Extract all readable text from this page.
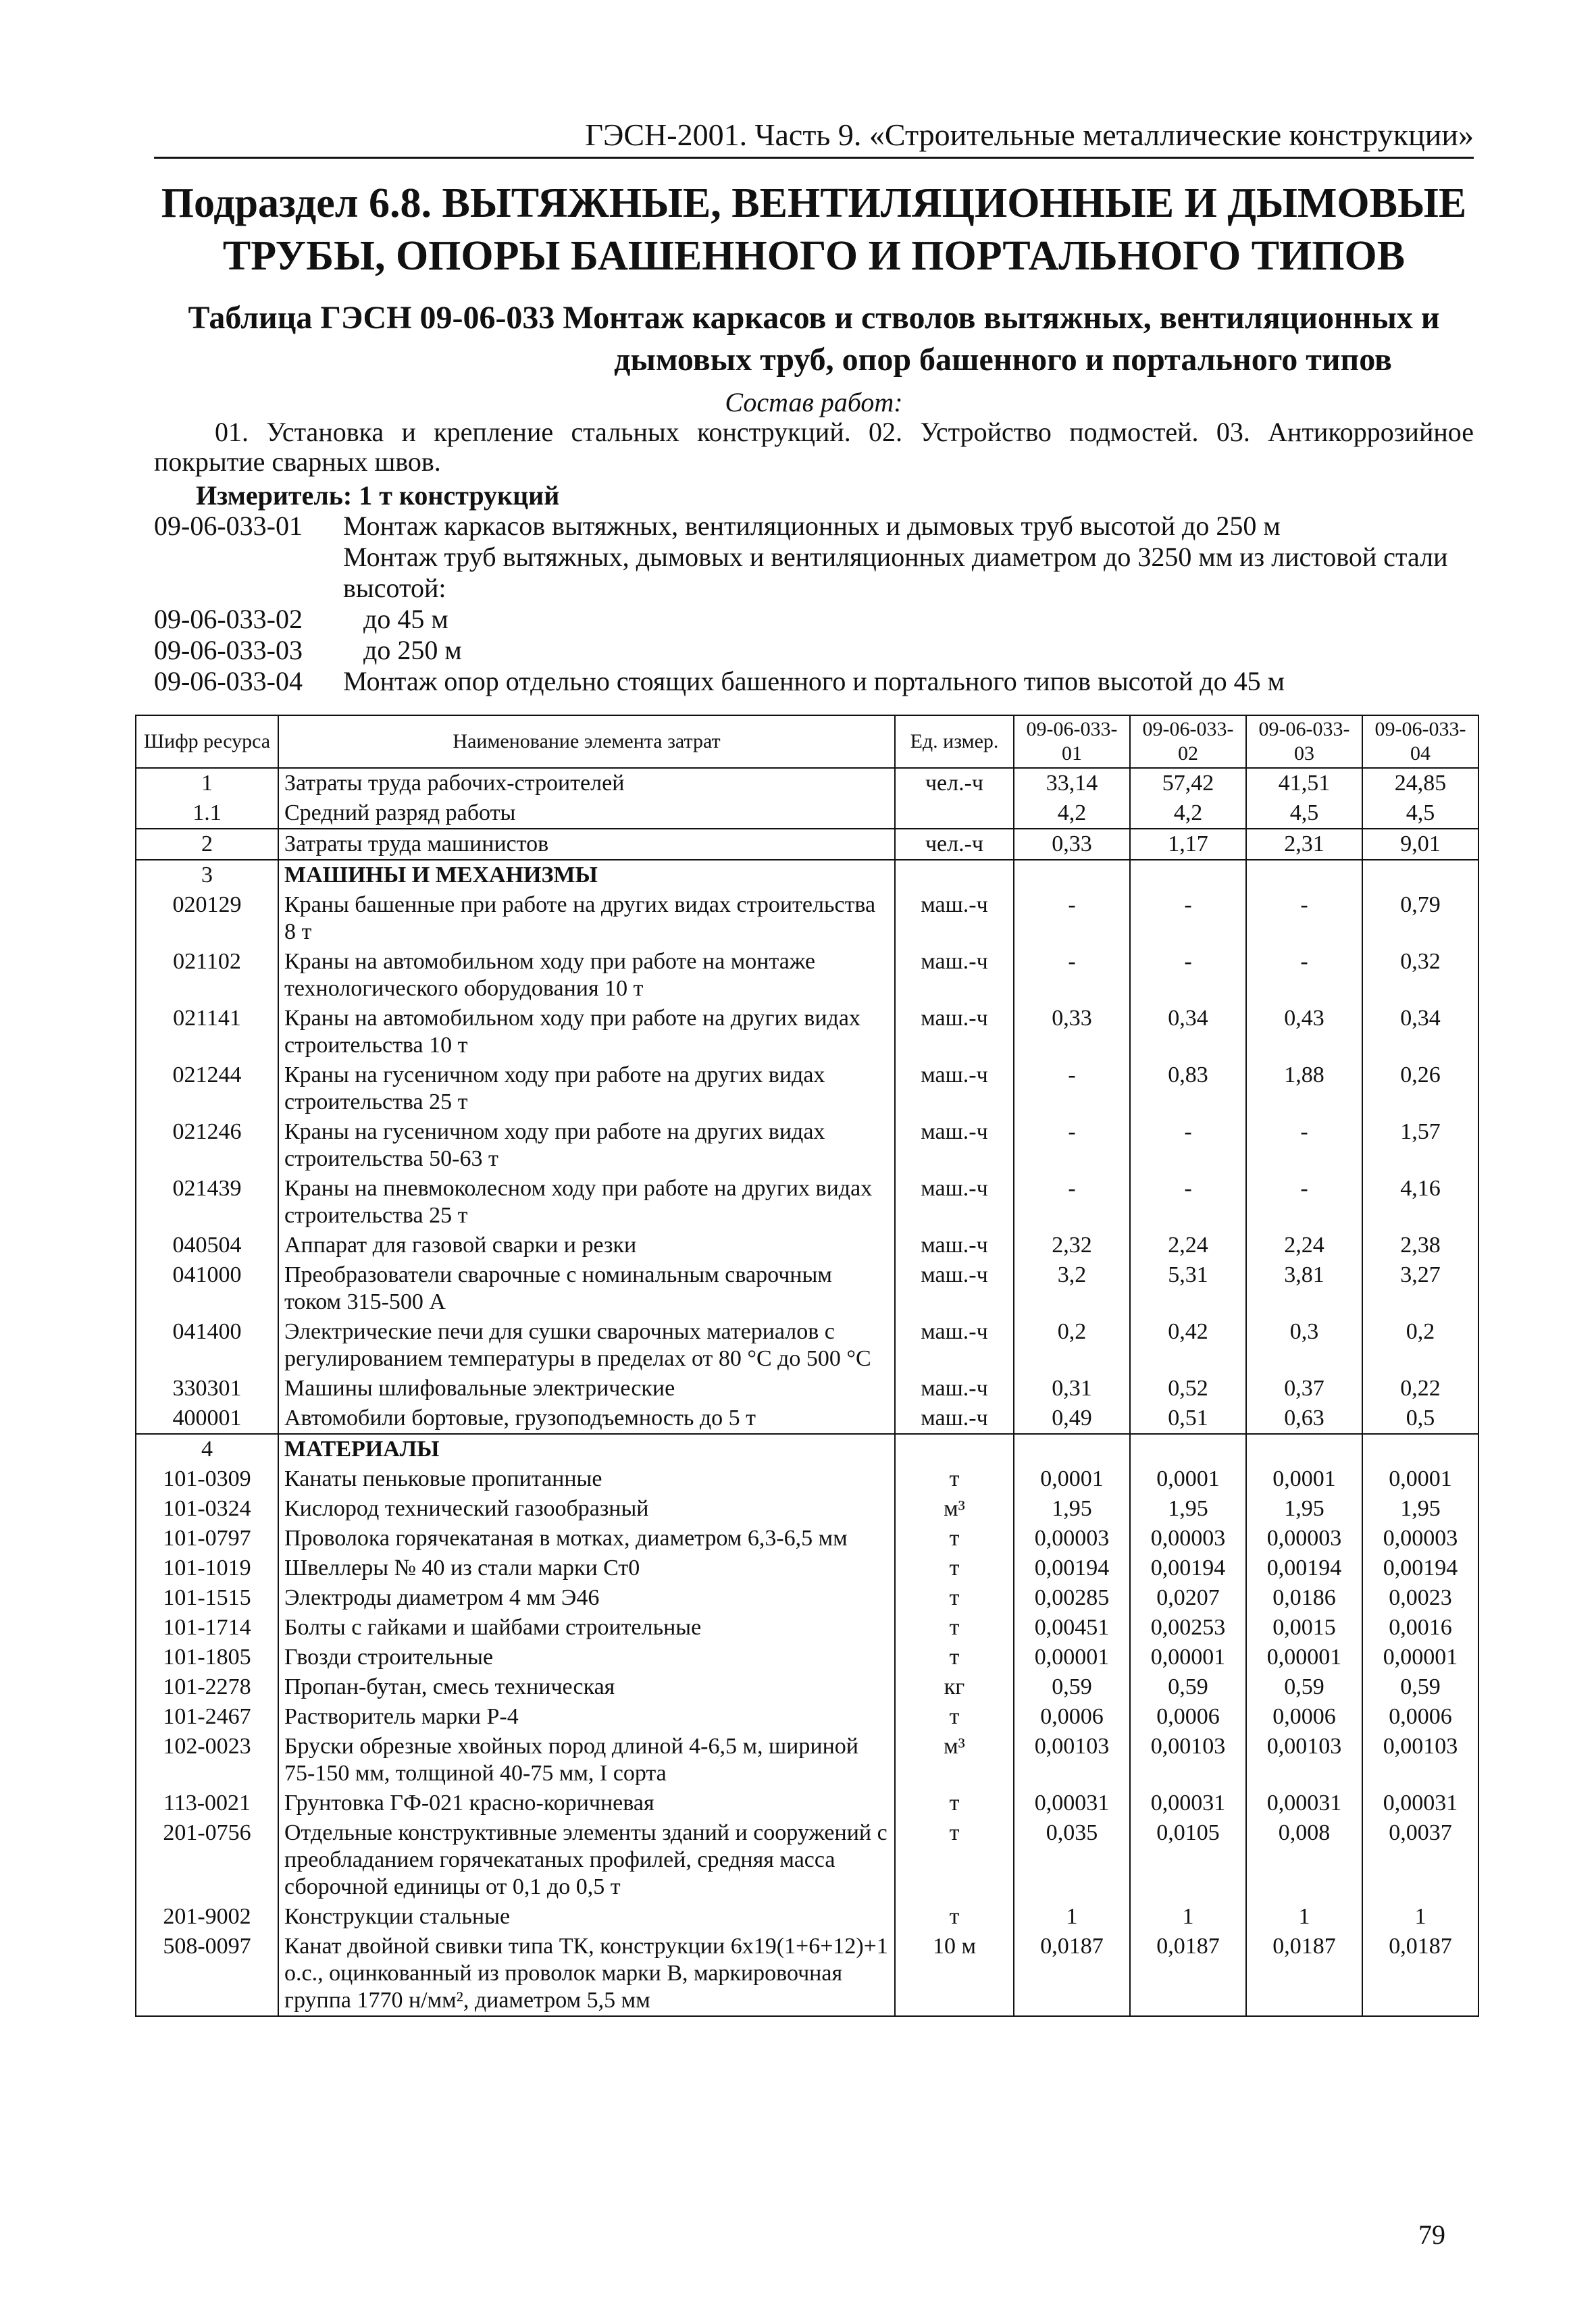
ГЭСН-2001. Часть 9. «Строительные металлические конструкции»
Подраздел 6.8. ВЫТЯЖНЫЕ, ВЕНТИЛЯЦИОННЫЕ И ДЫМОВЫЕ
ТРУБЫ, ОПОРЫ БАШЕННОГО И ПОРТАЛЬНОГО ТИПОВ
Таблица ГЭСН 09-06-033 Монтаж каркасов и стволов вытяжных, вентиляционных и
дымовых труб, опор башенного и портального типов
Состав работ:
01. Установка и крепление стальных конструкций. 02. Устройство подмостей. 03. Антикоррозийное покрытие сварных швов.
Измеритель: 1 т конструкций
09-06-033-01	Монтаж каркасов вытяжных, вентиляционных и дымовых труб высотой до 250 м
Монтаж труб вытяжных, дымовых и вентиляционных диаметром до 3250 мм из листовой стали высотой:
09-06-033-02	до 45 м
09-06-033-03	до 250 м
09-06-033-04	Монтаж опор отдельно стоящих башенного и портального типов высотой до 45 м
Шифр ресурса	Наименование элемента затрат	Ед. измер.	09-06-033-01	09-06-033-02	09-06-033-03	09-06-033-04
1	Затраты труда рабочих-строителей	чел.-ч	33,14	57,42	41,51	24,85
1.1	Средний разряд работы		4,2	4,2	4,5	4,5
2	Затраты труда машинистов	чел.-ч	0,33	1,17	2,31	9,01
3	МАШИНЫ И МЕХАНИЗМЫ					
020129	Краны башенные при работе на других видах строительства 8 т	маш.-ч	-	-	-	0,79
021102	Краны на автомобильном ходу при работе на монтаже технологического оборудования 10 т	маш.-ч	-	-	-	0,32
021141	Краны на автомобильном ходу при работе на других видах строительства 10 т	маш.-ч	0,33	0,34	0,43	0,34
021244	Краны на гусеничном ходу при работе на других видах строительства 25 т	маш.-ч	-	0,83	1,88	0,26
021246	Краны на гусеничном ходу при работе на других видах строительства 50-63 т	маш.-ч	-	-	-	1,57
021439	Краны на пневмоколесном ходу при работе на других видах строительства 25 т	маш.-ч	-	-	-	4,16
040504	Аппарат для газовой сварки и резки	маш.-ч	2,32	2,24	2,24	2,38
041000	Преобразователи сварочные с номинальным сварочным током 315-500 А	маш.-ч	3,2	5,31	3,81	3,27
041400	Электрические печи для сушки сварочных материалов с регулированием температуры в пределах от 80 °С до 500 °С	маш.-ч	0,2	0,42	0,3	0,2
330301	Машины шлифовальные электрические	маш.-ч	0,31	0,52	0,37	0,22
400001	Автомобили бортовые, грузоподъемность до 5 т	маш.-ч	0,49	0,51	0,63	0,5
4	МАТЕРИАЛЫ					
101-0309	Канаты пеньковые пропитанные	т	0,0001	0,0001	0,0001	0,0001
101-0324	Кислород технический газообразный	м³	1,95	1,95	1,95	1,95
101-0797	Проволока горячекатаная в мотках, диаметром 6,3-6,5 мм	т	0,00003	0,00003	0,00003	0,00003
101-1019	Швеллеры № 40 из стали марки Ст0	т	0,00194	0,00194	0,00194	0,00194
101-1515	Электроды диаметром 4 мм Э46	т	0,00285	0,0207	0,0186	0,0023
101-1714	Болты с гайками и шайбами строительные	т	0,00451	0,00253	0,0015	0,0016
101-1805	Гвозди строительные	т	0,00001	0,00001	0,00001	0,00001
101-2278	Пропан-бутан, смесь техническая	кг	0,59	0,59	0,59	0,59
101-2467	Растворитель марки Р-4	т	0,0006	0,0006	0,0006	0,0006
102-0023	Бруски обрезные хвойных пород длиной 4-6,5 м, шириной 75-150 мм, толщиной 40-75 мм, I сорта	м³	0,00103	0,00103	0,00103	0,00103
113-0021	Грунтовка ГФ-021 красно-коричневая	т	0,00031	0,00031	0,00031	0,00031
201-0756	Отдельные конструктивные элементы зданий и сооружений с преобладанием горячекатаных профилей, средняя масса сборочной единицы от 0,1 до 0,5 т	т	0,035	0,0105	0,008	0,0037
201-9002	Конструкции стальные	т	1	1	1	1
508-0097	Канат двойной свивки типа ТК, конструкции 6х19(1+6+12)+1 о.с., оцинкованный из проволок марки В, маркировочная группа 1770 н/мм², диаметром 5,5 мм	10 м	0,0187	0,0187	0,0187	0,0187
79
